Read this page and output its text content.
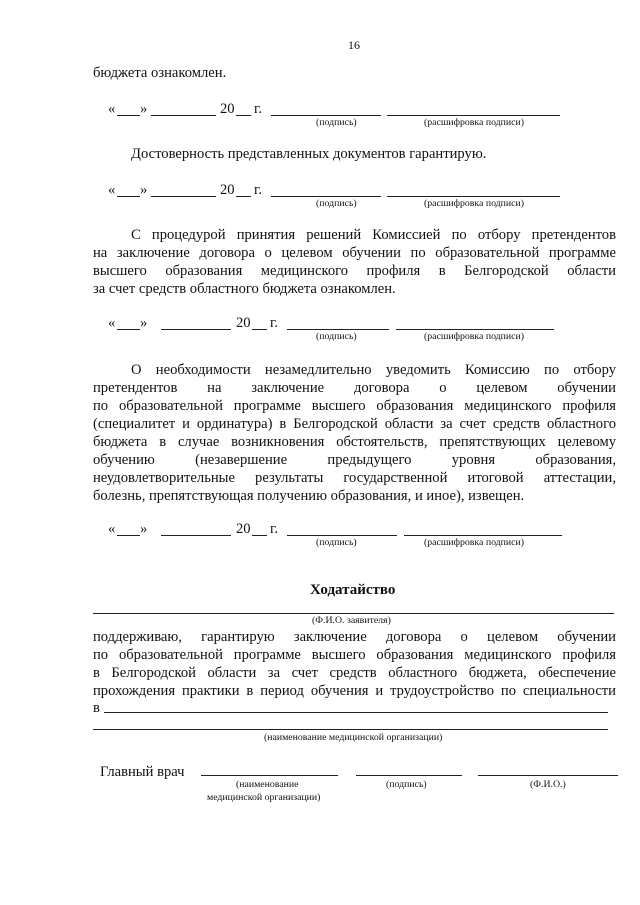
16
бюджета ознакомлен.
« »	20 г.
(подпись)	(расшифровка подписи)
Достоверность представленных документов гарантирую.
« »	20 г.
(подпись)	(расшифровка подписи)
С процедурой принятия решений Комиссией по отбору претендентов
на заключение договора о целевом обучении по образовательной программе
высшего образования медицинского профиля в Белгородской области
за счет средств областного бюджета ознакомлен.
« »	20 г.
(подпись)	(расшифровка подписи)
О необходимости незамедлительно уведомить Комиссию по отбору
претендентов на заключение договора о целевом обучении
по образовательной программе высшего образования медицинского профиля
(специалитет и ординатура) в Белгородской области за счет средств областного
бюджета в случае возникновения обстоятельств, препятствующих целевому
обучению (незавершение предыдущего уровня образования,
неудовлетворительные результаты государственной итоговой аттестации,
болезнь, препятствующая получению образования, и иное), извещен.
« »	20 г.
(подпись)	(расшифровка подписи)
Ходатайство
(Ф.И.О. заявителя)
поддерживаю, гарантирую заключение договора о целевом обучении
по образовательной программе высшего образования медицинского профиля
в Белгородской области за счет средств областного бюджета, обеспечение
прохождения практики в период обучения и трудоустройство по специальности
в
(наименование медицинской организации)
Главный врач
(наименование
медицинской организации)
(подпись)	(Ф.И.О.)
